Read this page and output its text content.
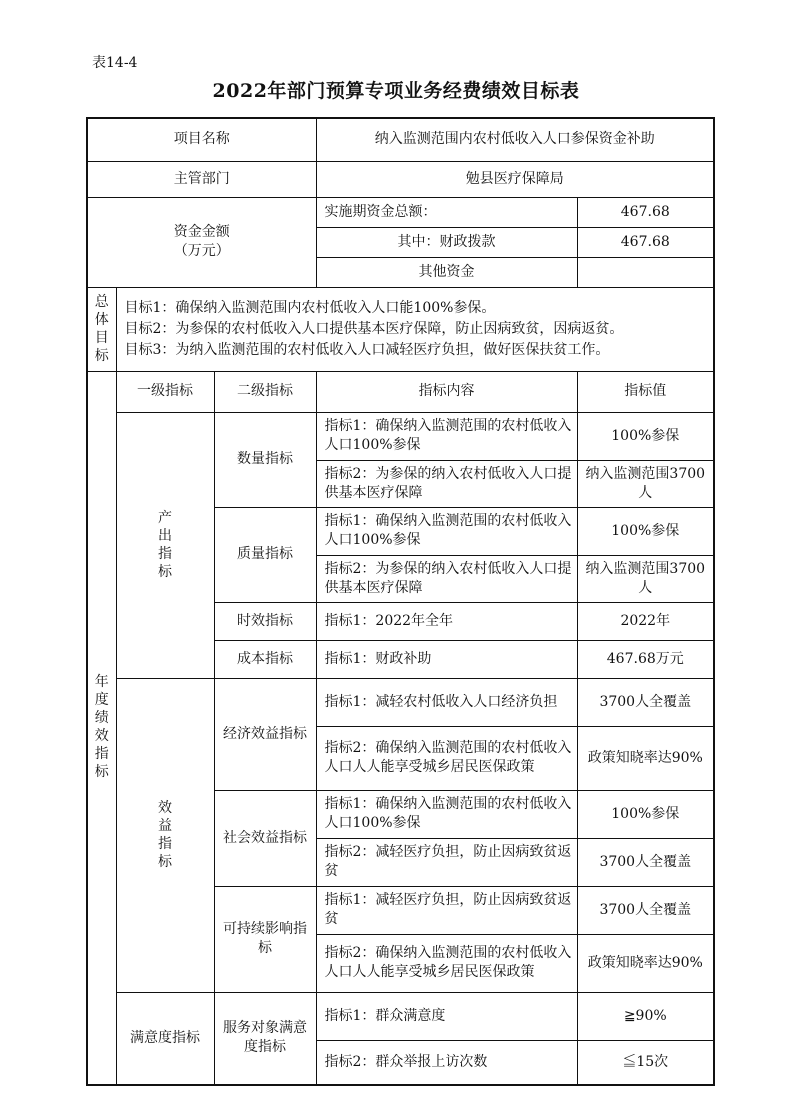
表14-4
2022年部门预算专项业务经费绩效目标表
项目名称			纳入监测范围内农村低收入人口参保资金补助	
主管部门			勉县医疗保障局	

资金金额
（万元）			实施期资金总额：	467.68
			其中：财政拨款	467.68
			其他资金	
总体目标	目标1：确保纳入监测范围内农村低收入人口能100%参保。
目标2：为参保的农村低收入人口提供基本医疗保障，防止因病致贫，因病返贫。
目标3：为纳入监测范围的农村低收入人口减轻医疗负担，做好医保扶贫工作。			

年度绩效指标	一级指标	二级指标	指标内容	指标值
	产出指标	数量指标	指标1：确保纳入监测范围的农村低收入人口100%参保	100%参保
			指标2：为参保的纳入农村低收入人口提供基本医疗保障	纳入监测范围3700人
		质量指标	指标1：确保纳入监测范围的农村低收入人口100%参保	100%参保
			指标2：为参保的纳入农村低收入人口提供基本医疗保障	纳入监测范围3700人
		时效指标	指标1：2022年全年	2022年
		成本指标	指标1：财政补助	467.68万元
	效益指标	经济效益指标	指标1：减轻农村低收入人口经济负担	3700人全覆盖
			指标2：确保纳入监测范围的农村低收入人口人人能享受城乡居民医保政策	政策知晓率达90%
		社会效益指标	指标1：确保纳入监测范围的农村低收入人口100%参保	100%参保
			指标2：减轻医疗负担，防止因病致贫返贫	3700人全覆盖
		可持续影响指标	指标1：减轻医疗负担，防止因病致贫返贫	3700人全覆盖
			指标2：确保纳入监测范围的农村低收入人口人人能享受城乡居民医保政策	政策知晓率达90%
	满意度指标	服务对象满意度指标	指标1：群众满意度	≧90%
			指标2：群众举报上访次数	≦15次
